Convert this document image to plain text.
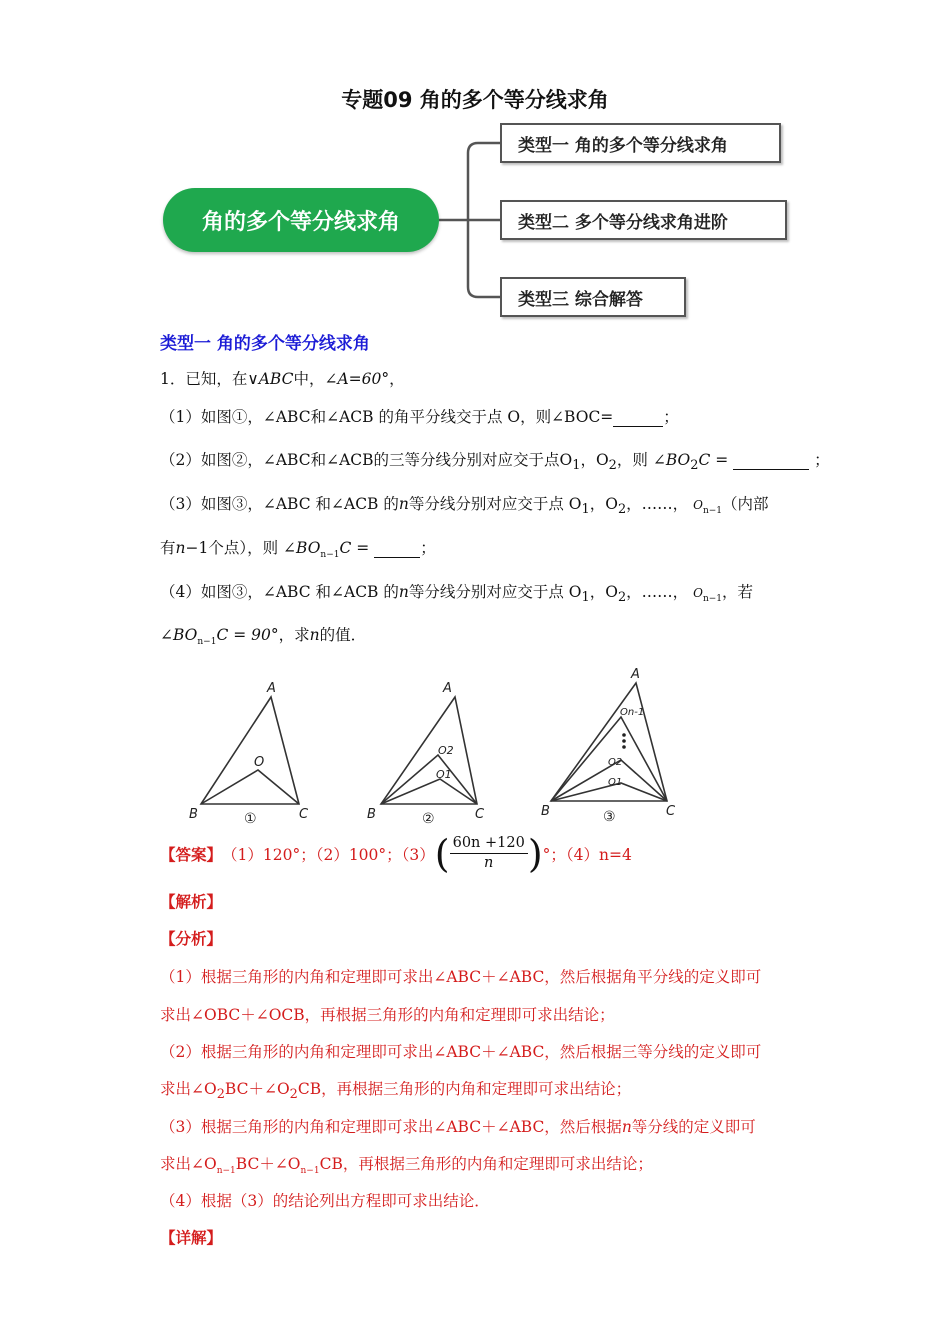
专题09 角的多个等分线求角
角的多个等分线求角
类型一 角的多个等分线求角
类型二 多个等分线求角进阶
类型三 综合解答
类型一 角的多个等分线求角
1．已知，在∨ABC中，∠A=60°，
（1）如图①，∠ABC和∠ACB 的角平分线交于点 O，则∠BOC=	；
（2）如图②，∠ABC和∠ACB的三等分线分别对应交于点$O_1$，$O_2$，则 $\angle BO_2C$ =	；
（3）如图③，∠ABC 和∠ACB 的n等分线分别对应交于点 $O_1$，$O_2$，……， $O_{n-1}$（内部
有n−1个点），则 $\angle BO_{n-1}C$ =	；
（4）如图③，∠ABC 和∠ACB 的n等分线分别对应交于点 $O_1$，$O_2$，……， $O_{n-1}$，若
$\angle BO_{n-1}C = 90^\circ$，求n的值．
A
B	C
O
①
A
B	C
O2
O1
②
A
B	C
On-1
O2
O1
③
【答案】 （1）120°；（2）100°；（3） ( $\frac{60n +120}{n}$ ) °；（4）n=4
【解析】
【分析】
（1）根据三角形的内角和定理即可求出∠ABC＋∠ABC，然后根据角平分线的定义即可
求出∠OBC＋∠OCB，再根据三角形的内角和定理即可求出结论；
（2）根据三角形的内角和定理即可求出∠ABC＋∠ABC，然后根据三等分线的定义即可
求出$\angle O_2BC+\angle O_2CB$，再根据三角形的内角和定理即可求出结论；
（3）根据三角形的内角和定理即可求出∠ABC＋∠ABC，然后根据n等分线的定义即可
求出$\angle O_{n-1}BC+\angle O_{n-1}CB$，再根据三角形的内角和定理即可求出结论；
（4）根据（3）的结论列出方程即可求出结论．
【详解】
